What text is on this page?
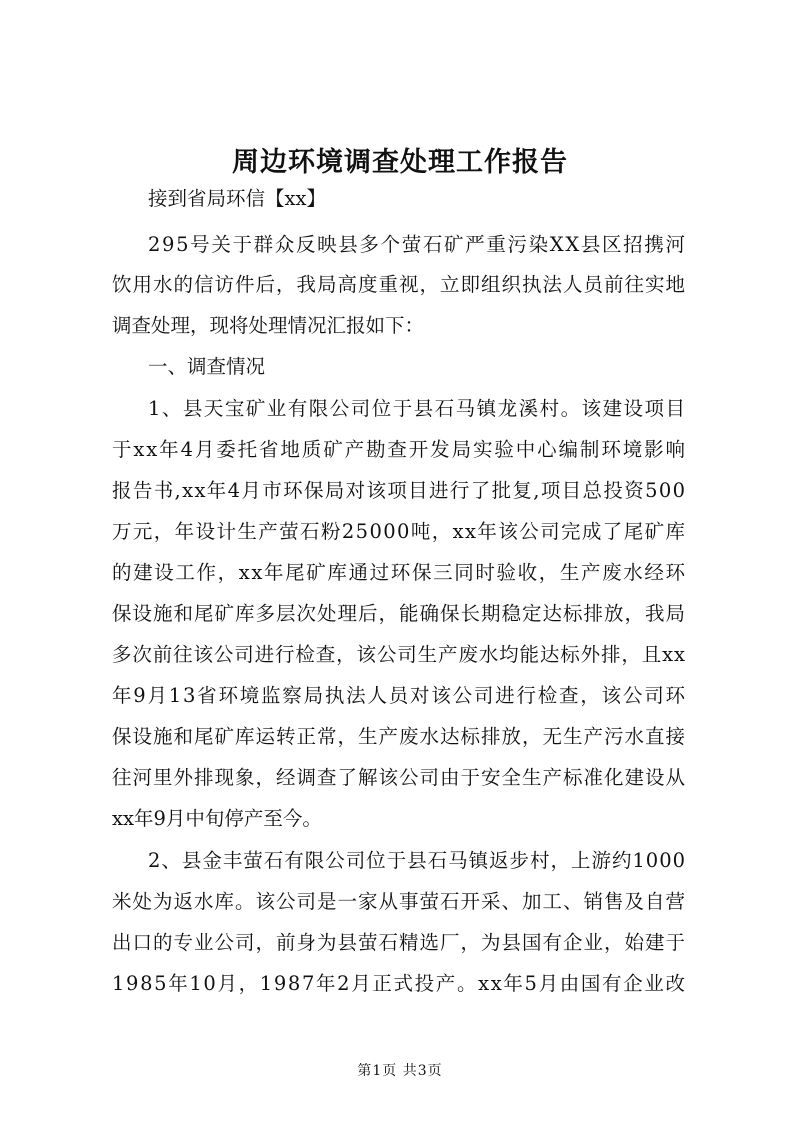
周边环境调查处理工作报告
接到省局环信【xx】
295号关于群众反映县多个萤石矿严重污染XX县区招携河
饮用水的信访件后，我局高度重视，立即组织执法人员前往实地
调查处理，现将处理情况汇报如下：
一、调查情况
1、县天宝矿业有限公司位于县石马镇龙溪村。该建设项目
于xx年4月委托省地质矿产勘查开发局实验中心编制环境影响
报告书,xx年4月市环保局对该项目进行了批复,项目总投资500
万元，年设计生产萤石粉25000吨，xx年该公司完成了尾矿库
的建设工作，xx年尾矿库通过环保三同时验收，生产废水经环
保设施和尾矿库多层次处理后，能确保长期稳定达标排放，我局
多次前往该公司进行检查，该公司生产废水均能达标外排，且xx
年9月13省环境监察局执法人员对该公司进行检查，该公司环
保设施和尾矿库运转正常，生产废水达标排放，无生产污水直接
往河里外排现象，经调查了解该公司由于安全生产标准化建设从
xx年9月中旬停产至今。
2、县金丰萤石有限公司位于县石马镇返步村，上游约1000
米处为返水库。该公司是一家从事萤石开采、加工、销售及自营
出口的专业公司，前身为县萤石精选厂，为县国有企业，始建于
1985年10月，1987年2月正式投产。xx年5月由国有企业改
第1页 共3页
